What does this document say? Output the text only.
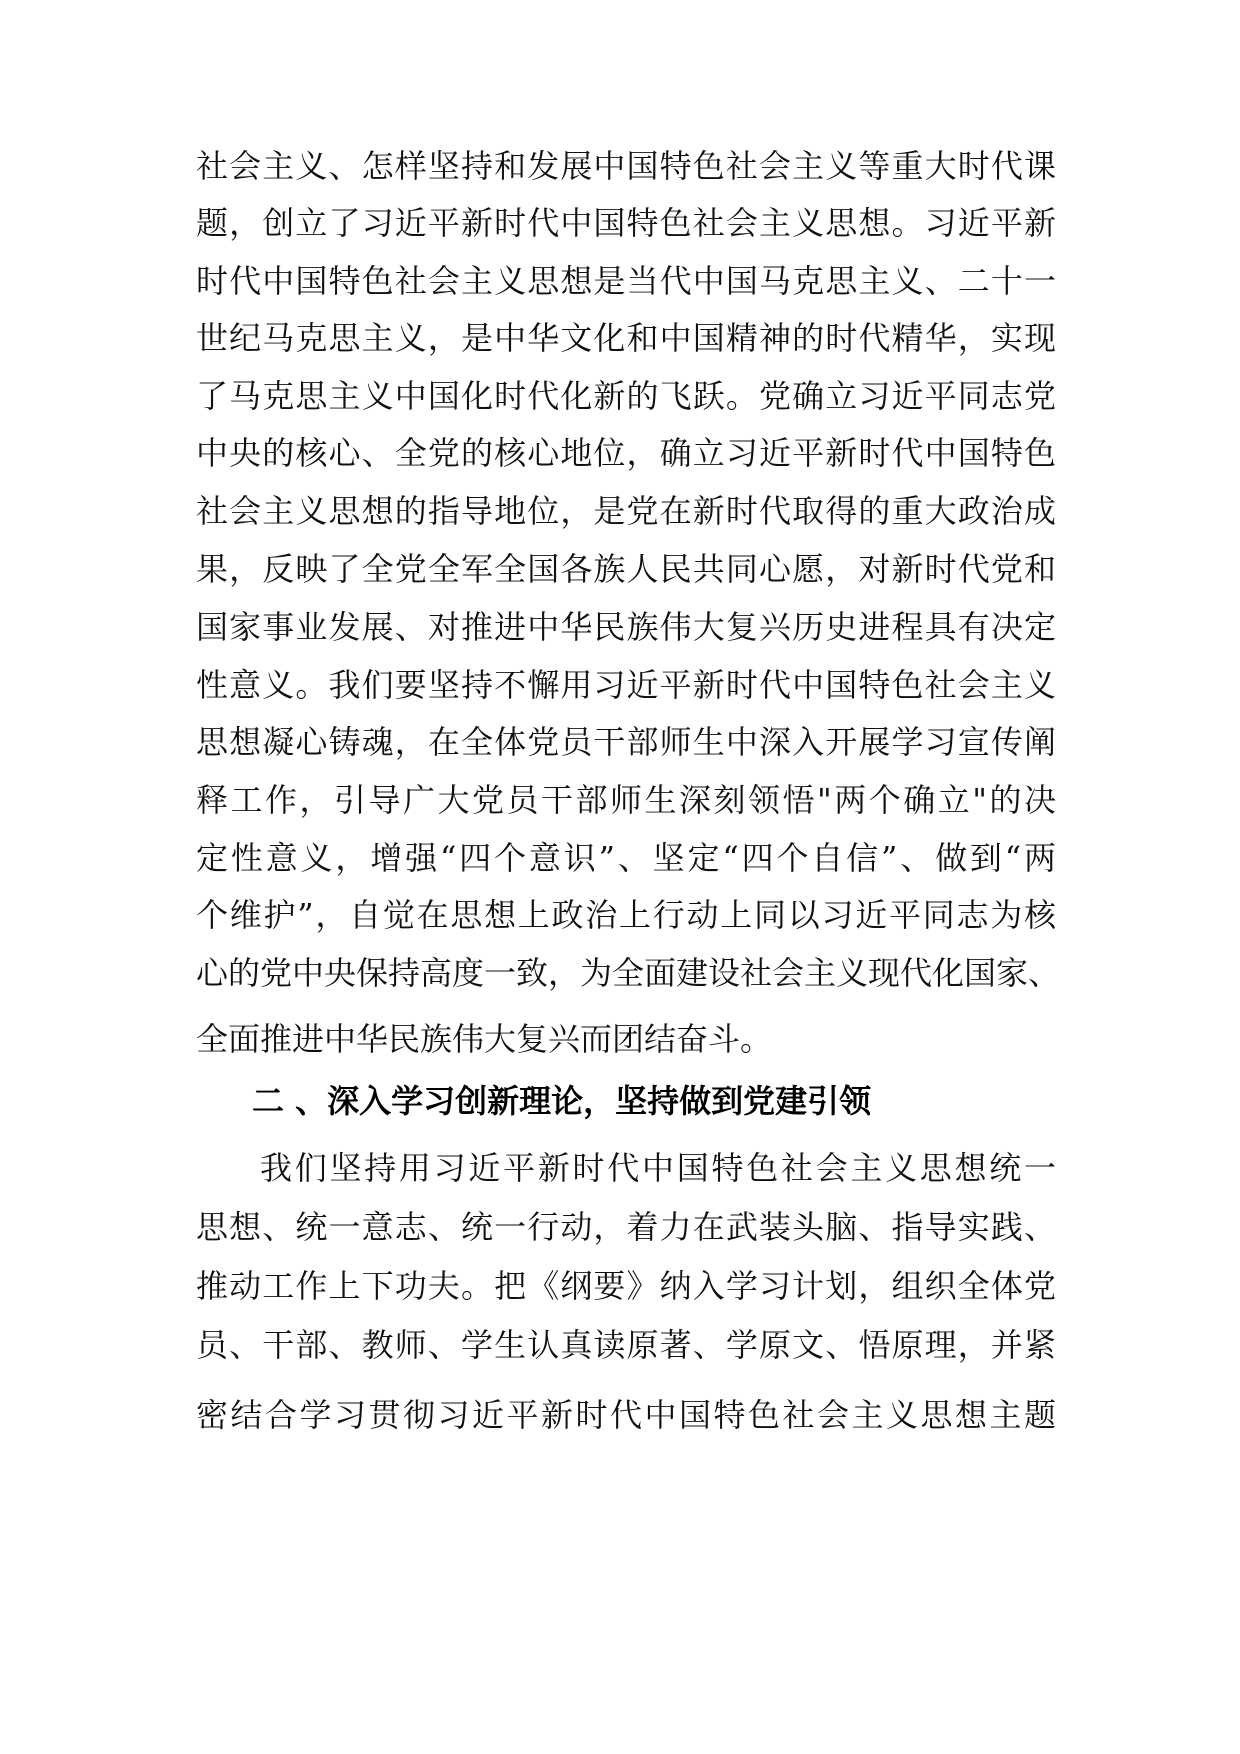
社会主义、怎样坚持和发展中国特色社会主义等重大时代课
题，创立了习近平新时代中国特色社会主义思想。习近平新
时代中国特色社会主义思想是当代中国马克思主义、二十一
世纪马克思主义，是中华文化和中国精神的时代精华，实现
了马克思主义中国化时代化新的飞跃。党确立习近平同志党
中央的核心、全党的核心地位，确立习近平新时代中国特色
社会主义思想的指导地位，是党在新时代取得的重大政治成
果，反映了全党全军全国各族人民共同心愿，对新时代党和
国家事业发展、对推进中华民族伟大复兴历史进程具有决定
性意义。我们要坚持不懈用习近平新时代中国特色社会主义
思想凝心铸魂，在全体党员干部师生中深入开展学习宣传阐
释工作，引导广大党员干部师生深刻领悟"两个确立"的决
定性意义，增强“四个意识”、坚定“四个自信”、做到“两
个维护”，自觉在思想上政治上行动上同以习近平同志为核
心的党中央保持高度一致，为全面建设社会主义现代化国家、
全面推进中华民族伟大复兴而团结奋斗。
二 、深入学习创新理论，坚持做到党建引领
我们坚持用习近平新时代中国特色社会主义思想统一
思想、统一意志、统一行动，着力在武装头脑、指导实践、
推动工作上下功夫。把《纲要》纳入学习计划，组织全体党
员、干部、教师、学生认真读原著、学原文、悟原理，并紧
密结合学习贯彻习近平新时代中国特色社会主义思想主题
